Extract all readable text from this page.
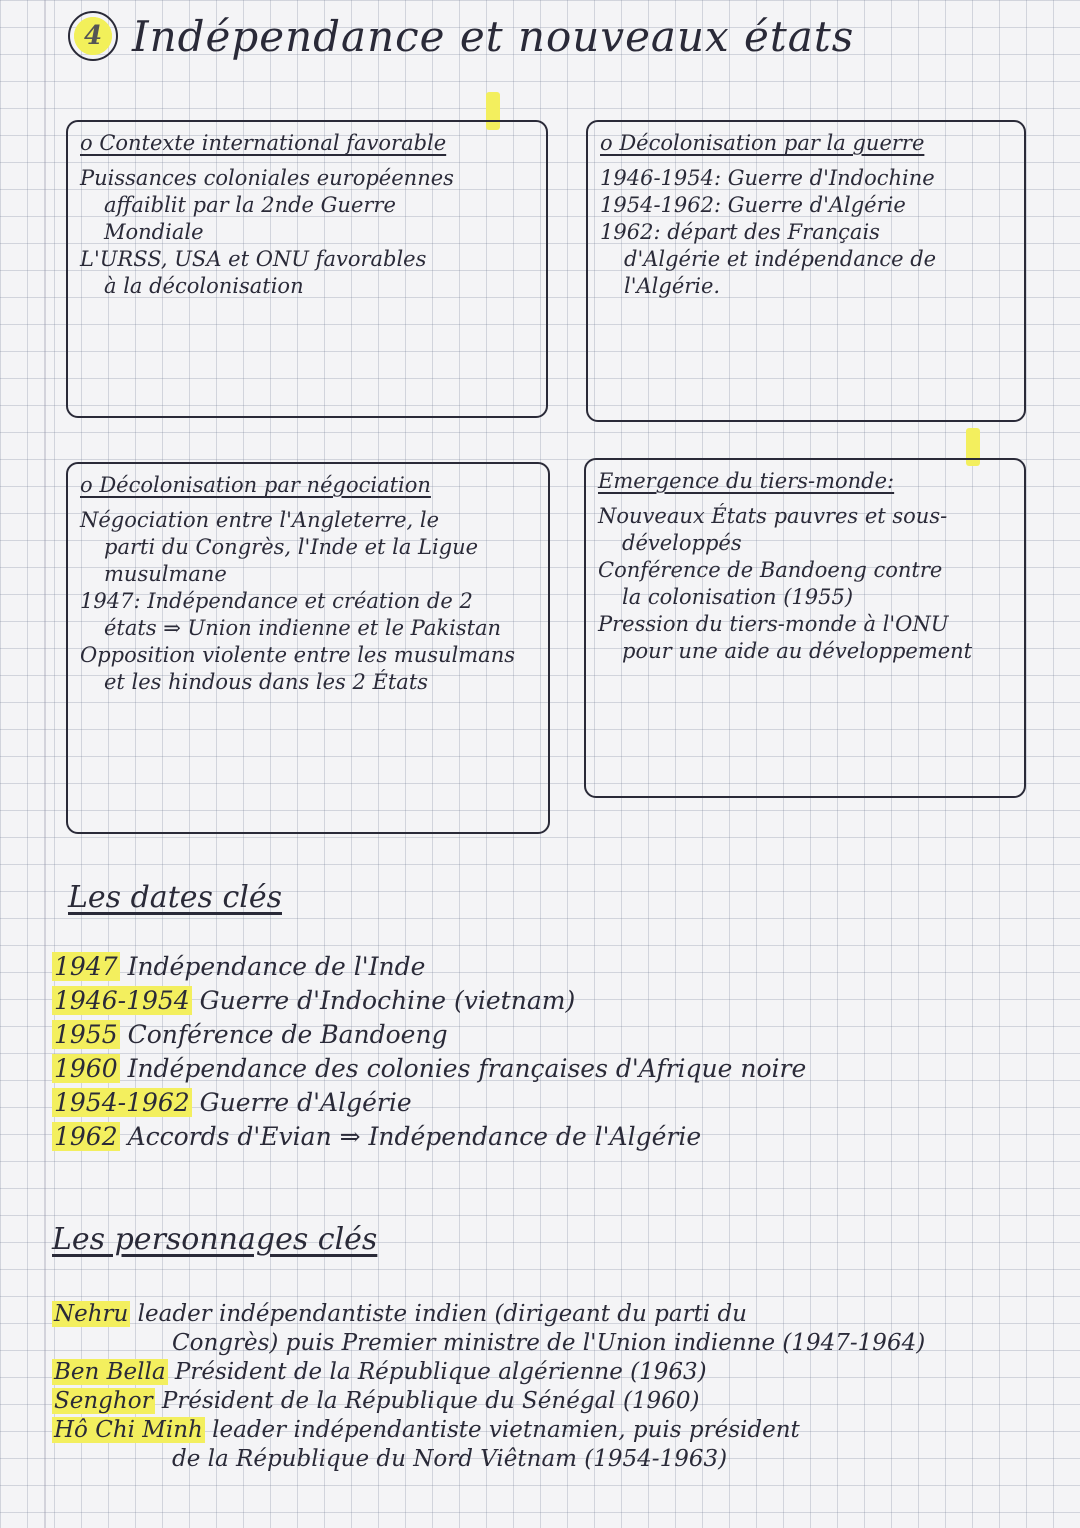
4 Indépendance et nouveaux états
o Contexte international favorable
Puissances coloniales européennes
affaiblit par la 2nde Guerre
Mondiale
L'URSS, USA et ONU favorables
à la décolonisation
o Décolonisation par la guerre
1946-1954: Guerre d'Indochine
1954-1962: Guerre d'Algérie
1962: départ des Français
d'Algérie et indépendance de
l'Algérie.
o Décolonisation par négociation
Négociation entre l'Angleterre, le
parti du Congrès, l'Inde et la Ligue
musulmane
1947: Indépendance et création de 2
états ⇒ Union indienne et le Pakistan
Opposition violente entre les musulmans
et les hindous dans les 2 États
Emergence du tiers-monde:
Nouveaux États pauvres et sous-
développés
Conférence de Bandoeng contre
la colonisation (1955)
Pression du tiers-monde à l'ONU
pour une aide au développement
Les dates clés
1947 Indépendance de l'Inde
1946-1954 Guerre d'Indochine (vietnam)
1955 Conférence de Bandoeng
1960 Indépendance des colonies françaises d'Afrique noire
1954-1962 Guerre d'Algérie
1962 Accords d'Evian ⇒ Indépendance de l'Algérie
Les personnages clés
Nehru leader indépendantiste indien (dirigeant du parti du
Congrès) puis Premier ministre de l'Union indienne (1947-1964)
Ben Bella Président de la République algérienne (1963)
Senghor Président de la République du Sénégal (1960)
Hô Chi Minh leader indépendantiste vietnamien, puis président
de la République du Nord Viêtnam (1954-1963)
